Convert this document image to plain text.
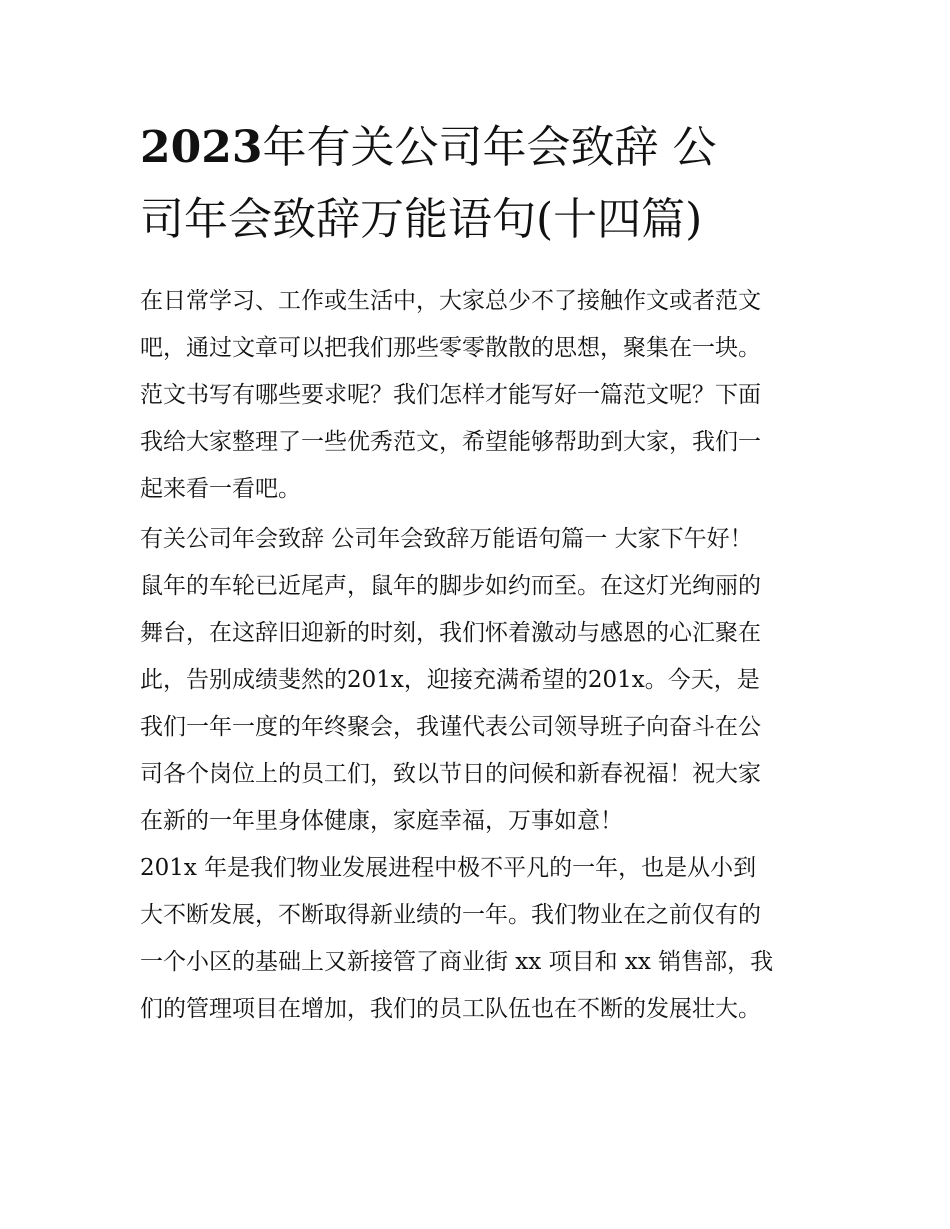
2023年有关公司年会致辞 公
司年会致辞万能语句(十四篇)
在日常学习、工作或生活中，大家总少不了接触作文或者范文
吧，通过文章可以把我们那些零零散散的思想，聚集在一块。
范文书写有哪些要求呢？我们怎样才能写好一篇范文呢？下面
我给大家整理了一些优秀范文，希望能够帮助到大家，我们一
起来看一看吧。
有关公司年会致辞 公司年会致辞万能语句篇一 大家下午好！
鼠年的车轮已近尾声，鼠年的脚步如约而至。在这灯光绚丽的
舞台，在这辞旧迎新的时刻，我们怀着激动与感恩的心汇聚在
此，告别成绩斐然的201x，迎接充满希望的201x。今天，是
我们一年一度的年终聚会，我谨代表公司领导班子向奋斗在公
司各个岗位上的员工们，致以节日的问候和新春祝福！祝大家
在新的一年里身体健康，家庭幸福，万事如意！
201x 年是我们物业发展进程中极不平凡的一年，也是从小到
大不断发展，不断取得新业绩的一年。我们物业在之前仅有的
一个小区的基础上又新接管了商业街 xx 项目和 xx 销售部，我
们的管理项目在增加，我们的员工队伍也在不断的发展壮大。
